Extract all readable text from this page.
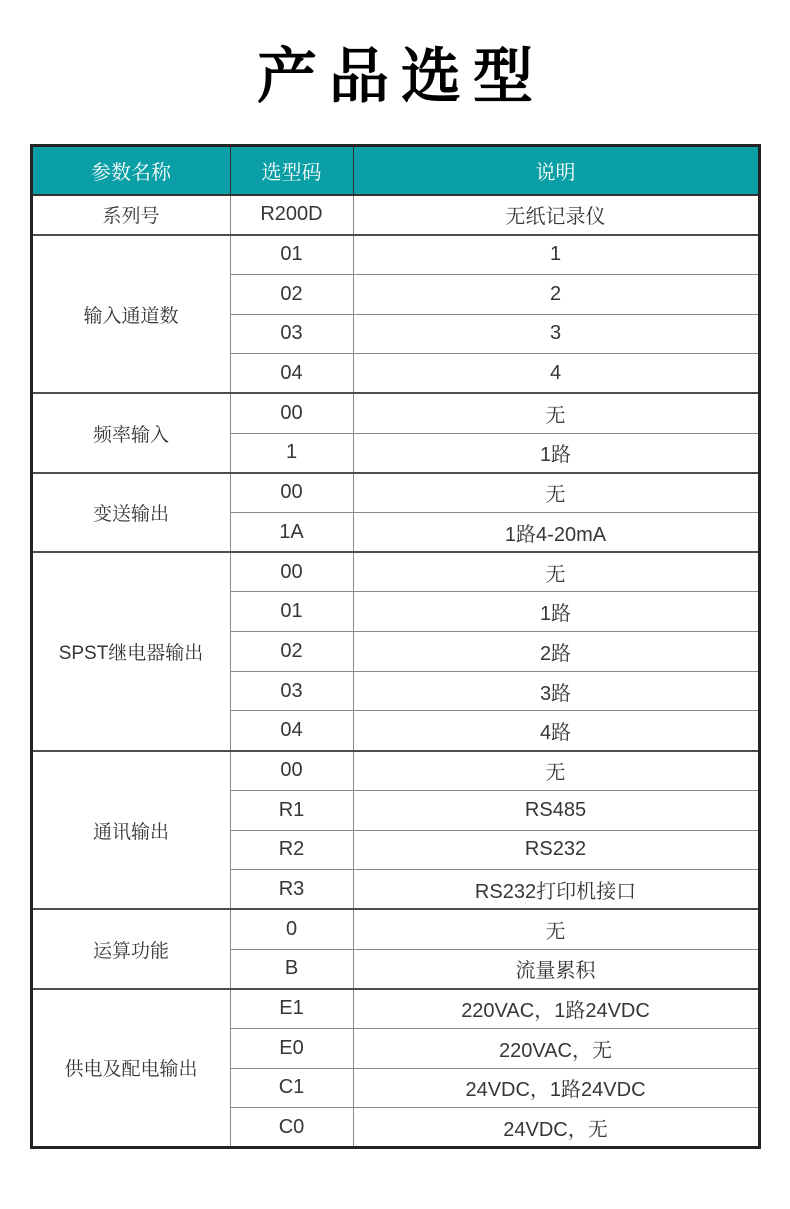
产品选型
参数名称	选型码	说明
系列号	R200D	无纸记录仪
输入通道数	01	1
	02	2
	03	3
	04	4
频率输入	00	无
	1	1路
变送输出	00	无
	1A	1路4-20mA
SPST继电器输出	00	无
	01	1路
	02	2路
	03	3路
	04	4路
通讯输出	00	无
	R1	RS485
	R2	RS232
	R3	RS232打印机接口
运算功能	0	无
	B	流量累积
供电及配电输出	E1	220VAC，1路24VDC
	E0	220VAC，无
	C1	24VDC，1路24VDC
	C0	24VDC，无
